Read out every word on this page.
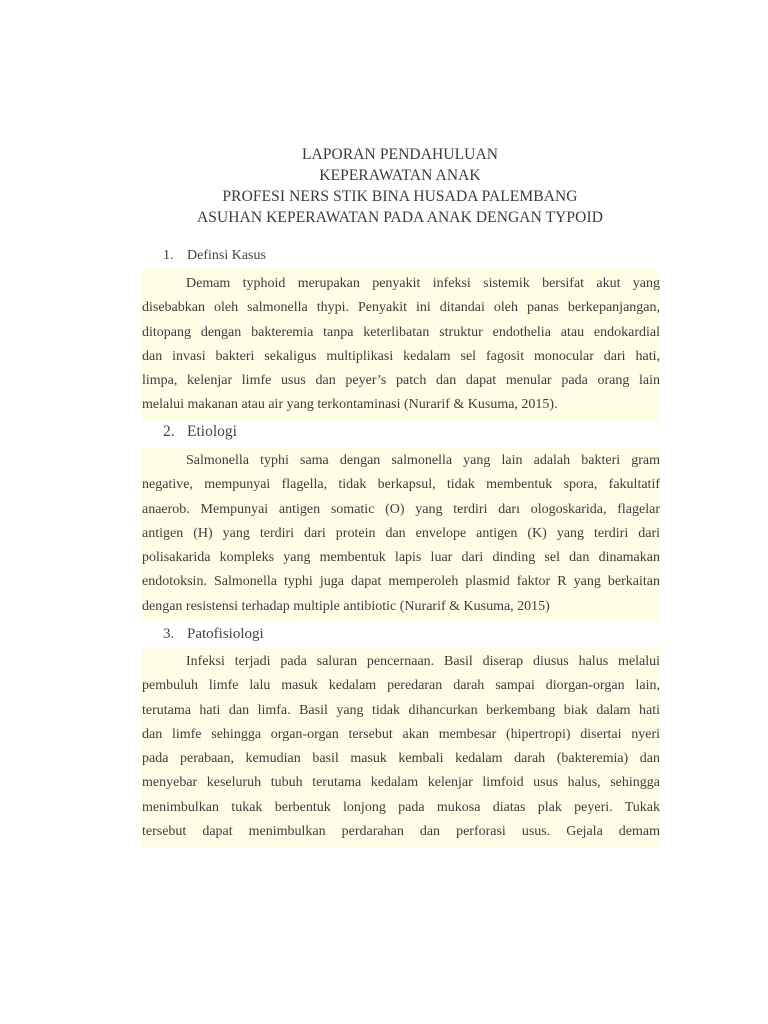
LAPORAN PENDAHULUAN
KEPERAWATAN ANAK
PROFESI NERS STIK BINA HUSADA PALEMBANG
ASUHAN KEPERAWATAN PADA ANAK DENGAN TYPOID
1. Definsi Kasus
Demam typhoid merupakan penyakit infeksi sistemik bersifat akut yang
disebabkan oleh salmonella thypi. Penyakit ini ditandai oleh panas berkepanjangan,
ditopang dengan bakteremia tanpa keterlibatan struktur endothelia atau endokardial
dan invasi bakteri sekaligus multiplikasi kedalam sel fagosit monocular dari hati,
limpa, kelenjar limfe usus dan peyer’s patch dan dapat menular pada orang lain
melalui makanan atau air yang terkontaminasi (Nurarif & Kusuma, 2015).
2. Etiologi
Salmonella typhi sama dengan salmonella yang lain adalah bakteri gram
negative, mempunyai flagella, tidak berkapsul, tidak membentuk spora, fakultatif
anaerob. Mempunyai antigen somatic (O) yang terdiri darı ologoskarida, flagelar
antigen (H) yang terdiri dari protein dan envelope antigen (K) yang terdiri dari
polisakarida kompleks yang membentuk lapis luar dari dinding sel dan dinamakan
endotoksin. Salmonella typhi juga dapat memperoleh plasmid faktor R yang berkaitan
dengan resistensi terhadap multiple antibiotic (Nurarif & Kusuma, 2015)
3. Patofisiologi
Infeksi terjadi pada saluran pencernaan. Basil diserap diusus halus melalui
pembuluh limfe lalu masuk kedalam peredaran darah sampai diorgan-organ lain,
terutama hati dan limfa. Basil yang tidak dihancurkan berkembang biak dalam hati
dan limfe sehingga organ-organ tersebut akan membesar (hipertropi) disertai nyeri
pada perabaan, kemudian basil masuk kembali kedalam darah (bakteremia) dan
menyebar keseluruh tubuh terutama kedalam kelenjar limfoid usus halus, sehingga
menimbulkan tukak berbentuk lonjong pada mukosa diatas plak peyeri. Tukak
tersebut dapat menimbulkan perdarahan dan perforasi usus. Gejala demam
